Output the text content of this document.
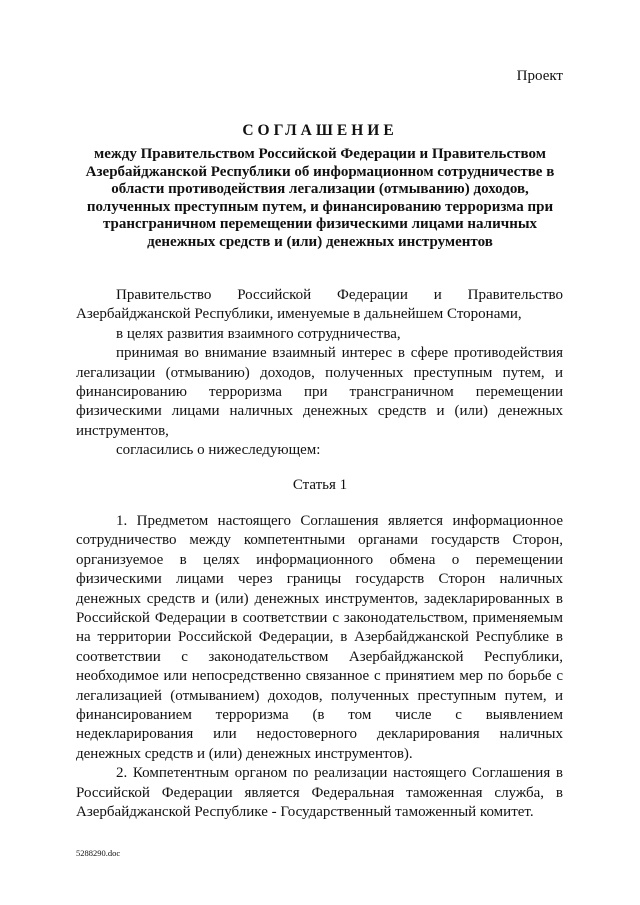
Проект
СОГЛАШЕНИЕ
между Правительством Российской Федерации и Правительством Азербайджанской Республики об информационном сотрудничестве в области противодействия легализации (отмыванию) доходов, полученных преступным путем, и финансированию терроризма при трансграничном перемещении физическими лицами наличных денежных средств и (или) денежных инструментов

Правительство Российской Федерации и Правительство Азербайджанской Республики, именуемые в дальнейшем Сторонами,

в целях развития взаимного сотрудничества,

принимая во внимание взаимный интерес в сфере противодействия легализации (отмыванию) доходов, полученных преступным путем, и финансированию терроризма при трансграничном перемещении физическими лицами наличных денежных средств и (или) денежных инструментов,

согласились о нижеследующем:

Статья 1

1. Предметом настоящего Соглашения является информационное сотрудничество между компетентными органами государств Сторон, организуемое в целях информационного обмена о перемещении физическими лицами через границы государств Сторон наличных денежных средств и (или) денежных инструментов, задекларированных в Российской Федерации в соответствии с законодательством, применяемым на территории Российской Федерации, в Азербайджанской Республике в соответствии с законодательством Азербайджанской Республики, необходимое или непосредственно связанное с принятием мер по борьбе с легализацией (отмыванием) доходов, полученных преступным путем, и финансированием терроризма (в том числе с выявлением недекларирования или недостоверного декларирования наличных денежных средств и (или) денежных инструментов).

2. Компетентным органом по реализации настоящего Соглашения в Российской Федерации является Федеральная таможенная служба, в Азербайджанской Республике - Государственный таможенный комитет.

5288290.doc
